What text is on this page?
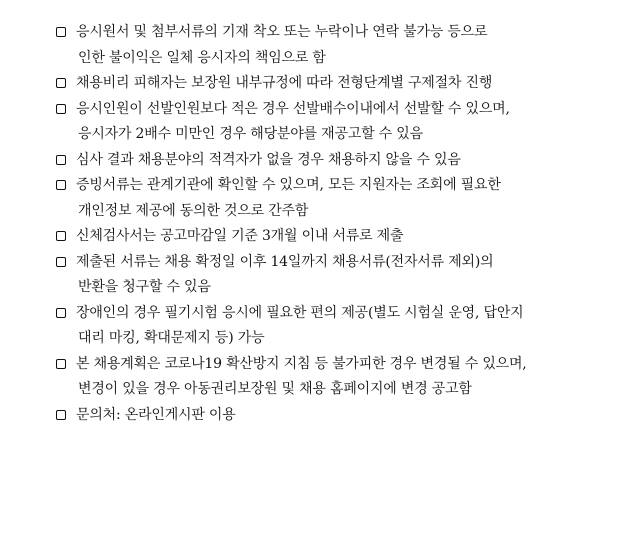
응시원서 및 첨부서류의 기재 착오 또는 누락이나 연락 불가능 등으로
인한 불이익은 일체 응시자의 책임으로 함
채용비리 피해자는 보장원 내부규정에 따라 전형단계별 구제절차 진행
응시인원이 선발인원보다 적은 경우 선발배수이내에서 선발할 수 있으며,
응시자가 2배수 미만인 경우 해당분야를 재공고할 수 있음
심사 결과 채용분야의 적격자가 없을 경우 채용하지 않을 수 있음
증빙서류는 관계기관에 확인할 수 있으며, 모든 지원자는 조회에 필요한
개인정보 제공에 동의한 것으로 간주함
신체검사서는 공고마감일 기준 3개월 이내 서류로 제출
제출된 서류는 채용 확정일 이후 14일까지 채용서류(전자서류 제외)의
반환을 청구할 수 있음
장애인의 경우 필기시험 응시에 필요한 편의 제공(별도 시험실 운영, 답안지
대리 마킹, 확대문제지 등) 가능
본 채용계획은 코로나19 확산방지 지침 등 불가피한 경우 변경될 수 있으며,
변경이 있을 경우 아동권리보장원 및 채용 홈페이지에 변경 공고함
문의처: 온라인게시판 이용
